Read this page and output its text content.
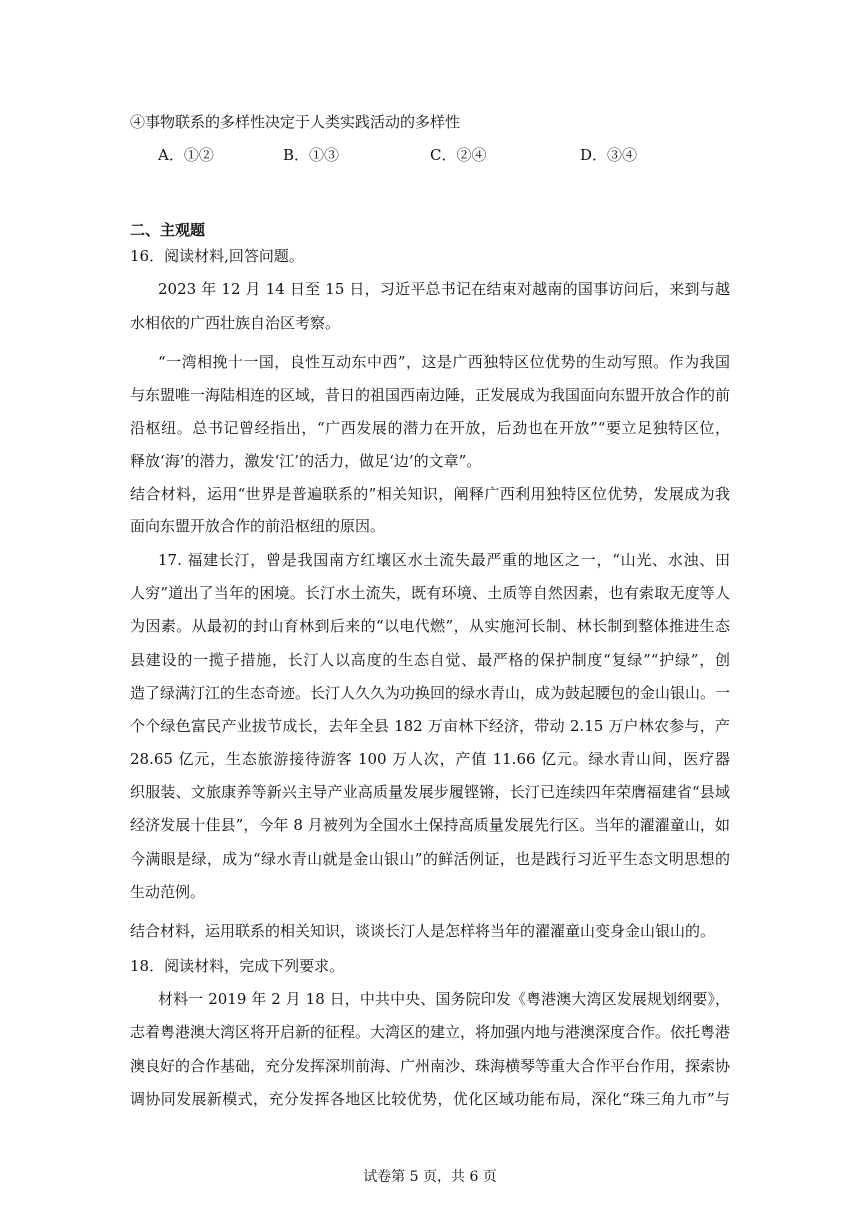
④事物联系的多样性决定于人类实践活动的多样性
A．①②	B．①③	C．②④	D．③④
二、主观题
16．阅读材料,回答问题。
2023 年 12 月 14 日至 15 日，习近平总书记在结束对越南的国事访问后，来到与越
水相依的广西壮族自治区考察。
“一湾相挽十一国，良性互动东中西”，这是广西独特区位优势的生动写照。作为我国
与东盟唯一海陆相连的区域，昔日的祖国西南边陲，正发展成为我国面向东盟开放合作的前
沿枢纽。总书记曾经指出，“广西发展的潜力在开放，后劲也在开放”“要立足独特区位，
释放‘海’的潜力，激发‘江’的活力，做足‘边’的文章”。
结合材料，运用“世界是普遍联系的”相关知识，阐释广西利用独特区位优势，发展成为我
面向东盟开放合作的前沿枢纽的原因。
17. 福建长汀，曾是我国南方红壤区水土流失最严重的地区之一，“山光、水浊、田
人穷”道出了当年的困境。长汀水土流失，既有环境、土质等自然因素，也有索取无度等人
为因素。从最初的封山育林到后来的“以电代燃”，从实施河长制、林长制到整体推进生态
县建设的一揽子措施，长汀人以高度的生态自觉、最严格的保护制度“复绿”“护绿”，创
造了绿满汀江的生态奇迹。长汀人久久为功换回的绿水青山，成为鼓起腰包的金山银山。一
个个绿色富民产业拔节成长，去年全县 182 万亩林下经济，带动 2.15 万户林农参与，产
28.65 亿元，生态旅游接待游客 100 万人次，产值 11.66 亿元。绿水青山间，医疗器
织服装、文旅康养等新兴主导产业高质量发展步履铿锵，长汀已连续四年荣膺福建省“县域
经济发展十佳县”，今年 8 月被列为全国水土保持高质量发展先行区。当年的濯濯童山，如
今满眼是绿，成为“绿水青山就是金山银山”的鲜活例证，也是践行习近平生态文明思想的
生动范例。
结合材料，运用联系的相关知识，谈谈长汀人是怎样将当年的濯濯童山变身金山银山的。
18．阅读材料，完成下列要求。
材料一 2019 年 2 月 18 日，中共中央、国务院印发《粤港澳大湾区发展规划纲要》，
志着粤港澳大湾区将开启新的征程。大湾区的建立，将加强内地与港澳深度合作。依托粤港
澳良好的合作基础，充分发挥深圳前海、广州南沙、珠海横琴等重大合作平台作用，探索协
调协同发展新模式，充分发挥各地区比较优势，优化区域功能布局，深化“珠三角九市”与
试卷第 5 页，共 6 页
